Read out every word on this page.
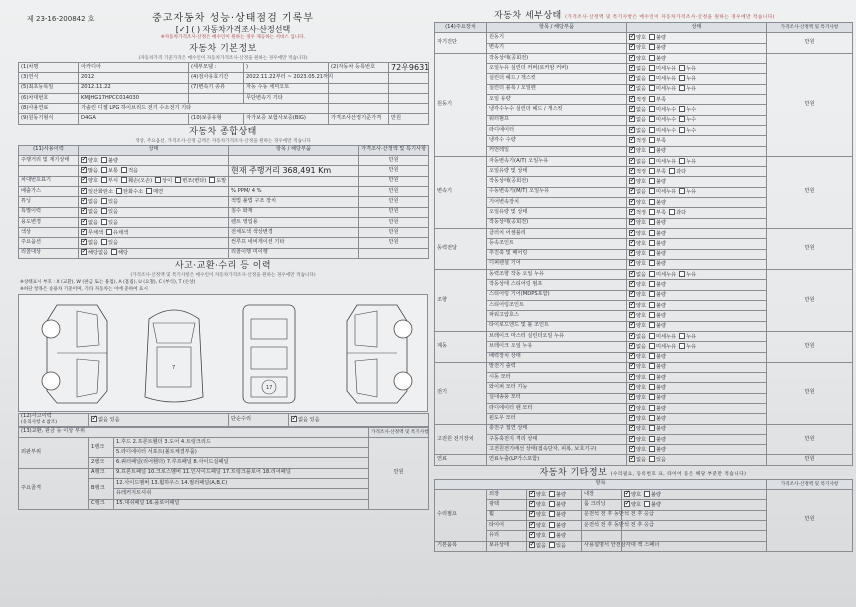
제 23-16-200842 호	중고자동차 성능·상태점검 기록부
[✓] ( ) 자동차가격조사·산정선택
※자동차가격조사·산정은 매수인이 원하는 경우 제공하는 서비스 입니다.
자동차 기본정보
(자동차가격 기준가격은 매수인이 자동차가격조사·산정을 원하는 경우에만 적습니다)
(1)차명	아카디아	(세부모델 :	)	(2)자동차 등록번호	72우9631
(3)연식	2012	(4)검사유효기간	2022.11.22부터 ~ 2023.05.21까지		
(5)최초등록일	2012.11.22	(7)변속기 종류	자동 수동 세미오토		
(6)차대번호	KMJHG17HPCC014030		무단변속기 기타		
(8)사용연료	가솔린 디젤 LPG 하이브리드 전기 수소전기 기타				
(9)원동기형식	D4GA	(10)보증유형	자가보증 보험사보증(BIG)	가격조사산정기준가격	만원
자동차 종합상태
색상, 주요옵션, 가격조사·산정 금액은 자동차가격조사·산정을 원하는 경우에만 적습니다
(11)사용이력	상태	항목 / 해당부품	가격조사·산정액 및 특기사항
주행거리 및 계기상태	✓양호 불량		만원
	✓많음 보통 적음	현재 주행거리 368,491 Km	만원
차대번호표기	✓양호 부식 훼손(오손) 상이 변조(변타) 도말		만원
배출가스	✓일산화탄소 탄화수소 매연	% PPM/ 4 %	만원
튜닝	✓없음 있음	적법 불법 구조 장치	만원
특별이력	✓없음 있음	침수 화재	만원
용도변경	✓없음 있음	렌트 영업용	만원
색상	✓무채색 유채색	전체도색 색상변경	만원
주요옵션	✓없음 있음	썬루프 네비게이션 기타	만원
리콜대상	✓해당없음 해당	리콜이행 미이행	
사고·교환·수리 등 이력
(가격조사·산정액 및 특기사항은 매수인이 자동차가격조사·산정을 원하는 경우에만 적습니다)
※상태표시 부호 : X (교환), W (판금 또는 용접), A (흠집), U (요철), C (부식), T (손상)
※하단 항목은 승용차 기준이며, 기타 자동차는 이에 준하여 표시
7
17
(12)사고이력
(유의사항 4 참조)	✓없음 있음	단순수리	✓없음 있음
(13)교환, 판금 등 이상 부위			가격조사·산정액 및 특기사항
외판부위	1랭크	1.후드 2.프론트휀더 3.도어 4.트렁크리드	만원
		5.라디에이터 서포트(볼트체결부품)	
	2랭크	6.쿼터패널(리어휀더) 7.루프패널 8.사이드실패널	
주요골격	A랭크	9.프론트패널 10.크로스멤버 11.인사이드패널 17.트렁크플로어 18.리어패널	
	B랭크	12.사이드멤버 13.휠하우스 14.필러패널(A,B,C)	
		유레커지트셔쉬	
	C랭크	15.대쉬패널 16.플로어패널	
자동차 세부상태 (가격조사·산정액 및 특기사항은 매수인이 자동차가격조사·산정을 원하는 경우에만 적습니다)
(14)주요장치	항목 / 해당부품	상태	가격조사·산정액 및 특기사항
자기진단	원동기	✓양호 불량	만원
	변속기	✓양호 불량
원동기	작동상태(공회전)	✓양호 불량	만원
	오일누유 실린더 커버(로커암 커버)	✓없음 미세누유 누유
	실린더 헤드 / 개스킷	✓없음 미세누유 누유
	실린더 블록 / 오일팬	✓없음 미세누유 누유
	오일 유량	✓적정 부족
	냉각수누수 실린더 헤드 / 개스킷	✓없음 미세누수 누수
	워터펌프	✓없음 미세누수 누수
	라디에이터	✓없음 미세누수 누수
	냉각수 수량	✓적정 부족
	커먼레일	✓양호 불량
변속기	자동변속기(A/T) 오일누유	✓없음 미세누유 누유	만원
	오일유량 및 상태	✓적정 부족 과다
	작동상태(공회전)	✓양호 불량
	수동변속기(M/T) 오일누유	✓없음 미세누유 누유
	기어변속장치	✓양호 불량
	오일유량 및 상태	✓적정 부족 과다
	작동상태(공회전)	✓양호 불량
동력전달	클러치 어셈블리	✓양호 불량	만원
	등속조인트	✓양호 불량
	추진축 및 베어링	✓양호 불량
	디퍼렌셜 기어	✓양호 불량
조향	동력조향 작동 오일 누유	✓없음 미세누유 누유	만원
	작동상태 스티어링 펌프	✓양호 불량
	스티어링 기어(MDPS포함)	✓양호 불량
	스티어링조인트	✓양호 불량
	파워고압호스	✓양호 불량
	타이로드엔드 및 볼 조인트	✓양호 불량
제동	브레이크 마스터 실린더오일 누유	✓없음 미세누유 누유	만원
	브레이크 오일 누유	✓없음 미세누유 누유
	배력장치 상태	✓양호 불량
전기	발전기 출력	✓양호 불량	만원
	시동 모터	✓양호 불량
	와이퍼 모터 기능	✓양호 불량
	실내송풍 모터	✓양호 불량
	라디에이터 팬 모터	✓양호 불량
	윈도우 모터	✓양호 불량
고전원 전기장치	충전구 절연 상태	✓양호 불량	만원
	구동축전지 격리 상태	✓양호 불량
	고전원전기배선 상태(접속단자, 피복, 보호기구)	✓양호 불량
연료	연료누출(LP가스포함)	✓없음 있음	만원
자동차 기타정보 (수리필요, 등록번호 표, 타이어 등은 해당 부분만 적습니다)
항목					가격조사·산정액 및 특기사항
수리필요	외장	✓양호 불량	내장	✓양호 불량	만원
	광택	✓양호 불량	룸 크리닝	✓양호 불량
	휠	✓양호 불량	운전석 전 후 동반석 전 후 응급		
	타이어	✓양호 불량	운전석 전 후 동반석 전 후 응급		
	유리	✓양호 불량		
기본품목	보유상태	✓없음 있음	사용설명서 안전삼각대 잭 스패너		
